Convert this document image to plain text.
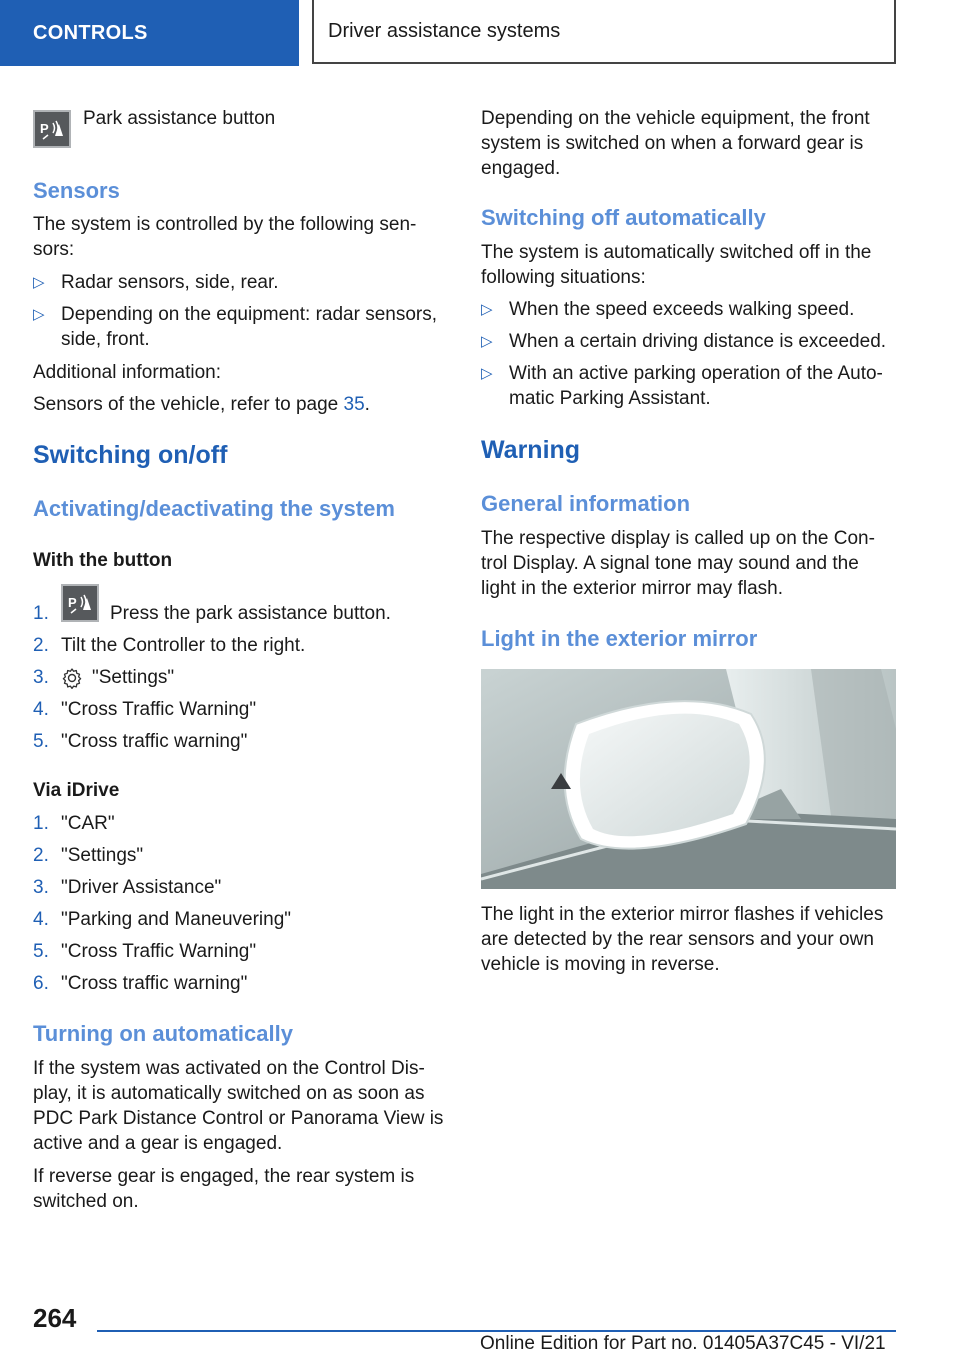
CONTROLS	Driver assistance systems
P Park assistance button

Sensors

The system is controlled by the following sen-

sors:

▷ Radar sensors, side, rear.
▷ Depending on the equipment: radar sensors,
side, front.

Additional information:

Sensors of the vehicle, refer to page 35.

Switching on/off
Activating/deactivating the system
With the button
1.
P
Press the park assistance button.
2. Tilt the Controller to the right.
3. "Settings"
4. "Cross Traffic Warning"
5. "Cross traffic warning"
Via iDrive
1. "CAR"
2. "Settings"
3. "Driver Assistance"
4. "Parking and Maneuvering"
5. "Cross Traffic Warning"
6. "Cross traffic warning"
Turning on automatically

If the system was activated on the Control Dis-

play, it is automatically switched on as soon as

PDC Park Distance Control or Panorama View is

active and a gear is engaged.

If reverse gear is engaged, the rear system is

switched on.

Depending on the vehicle equipment, the front

system is switched on when a forward gear is

engaged.

Switching off automatically

The system is automatically switched off in the

following situations:

▷ When the speed exceeds walking speed.
▷ When a certain driving distance is exceeded.
▷ With an active parking operation of the Auto-
matic Parking Assistant.
Warning
General information

The respective display is called up on the Con-

trol Display. A signal tone may sound and the

light in the exterior mirror may flash.

Light in the exterior mirror

The light in the exterior mirror flashes if vehicles

are detected by the rear sensors and your own

vehicle is moving in reverse.

264
Online Edition for Part no. 01405A37C45 - VI/21
